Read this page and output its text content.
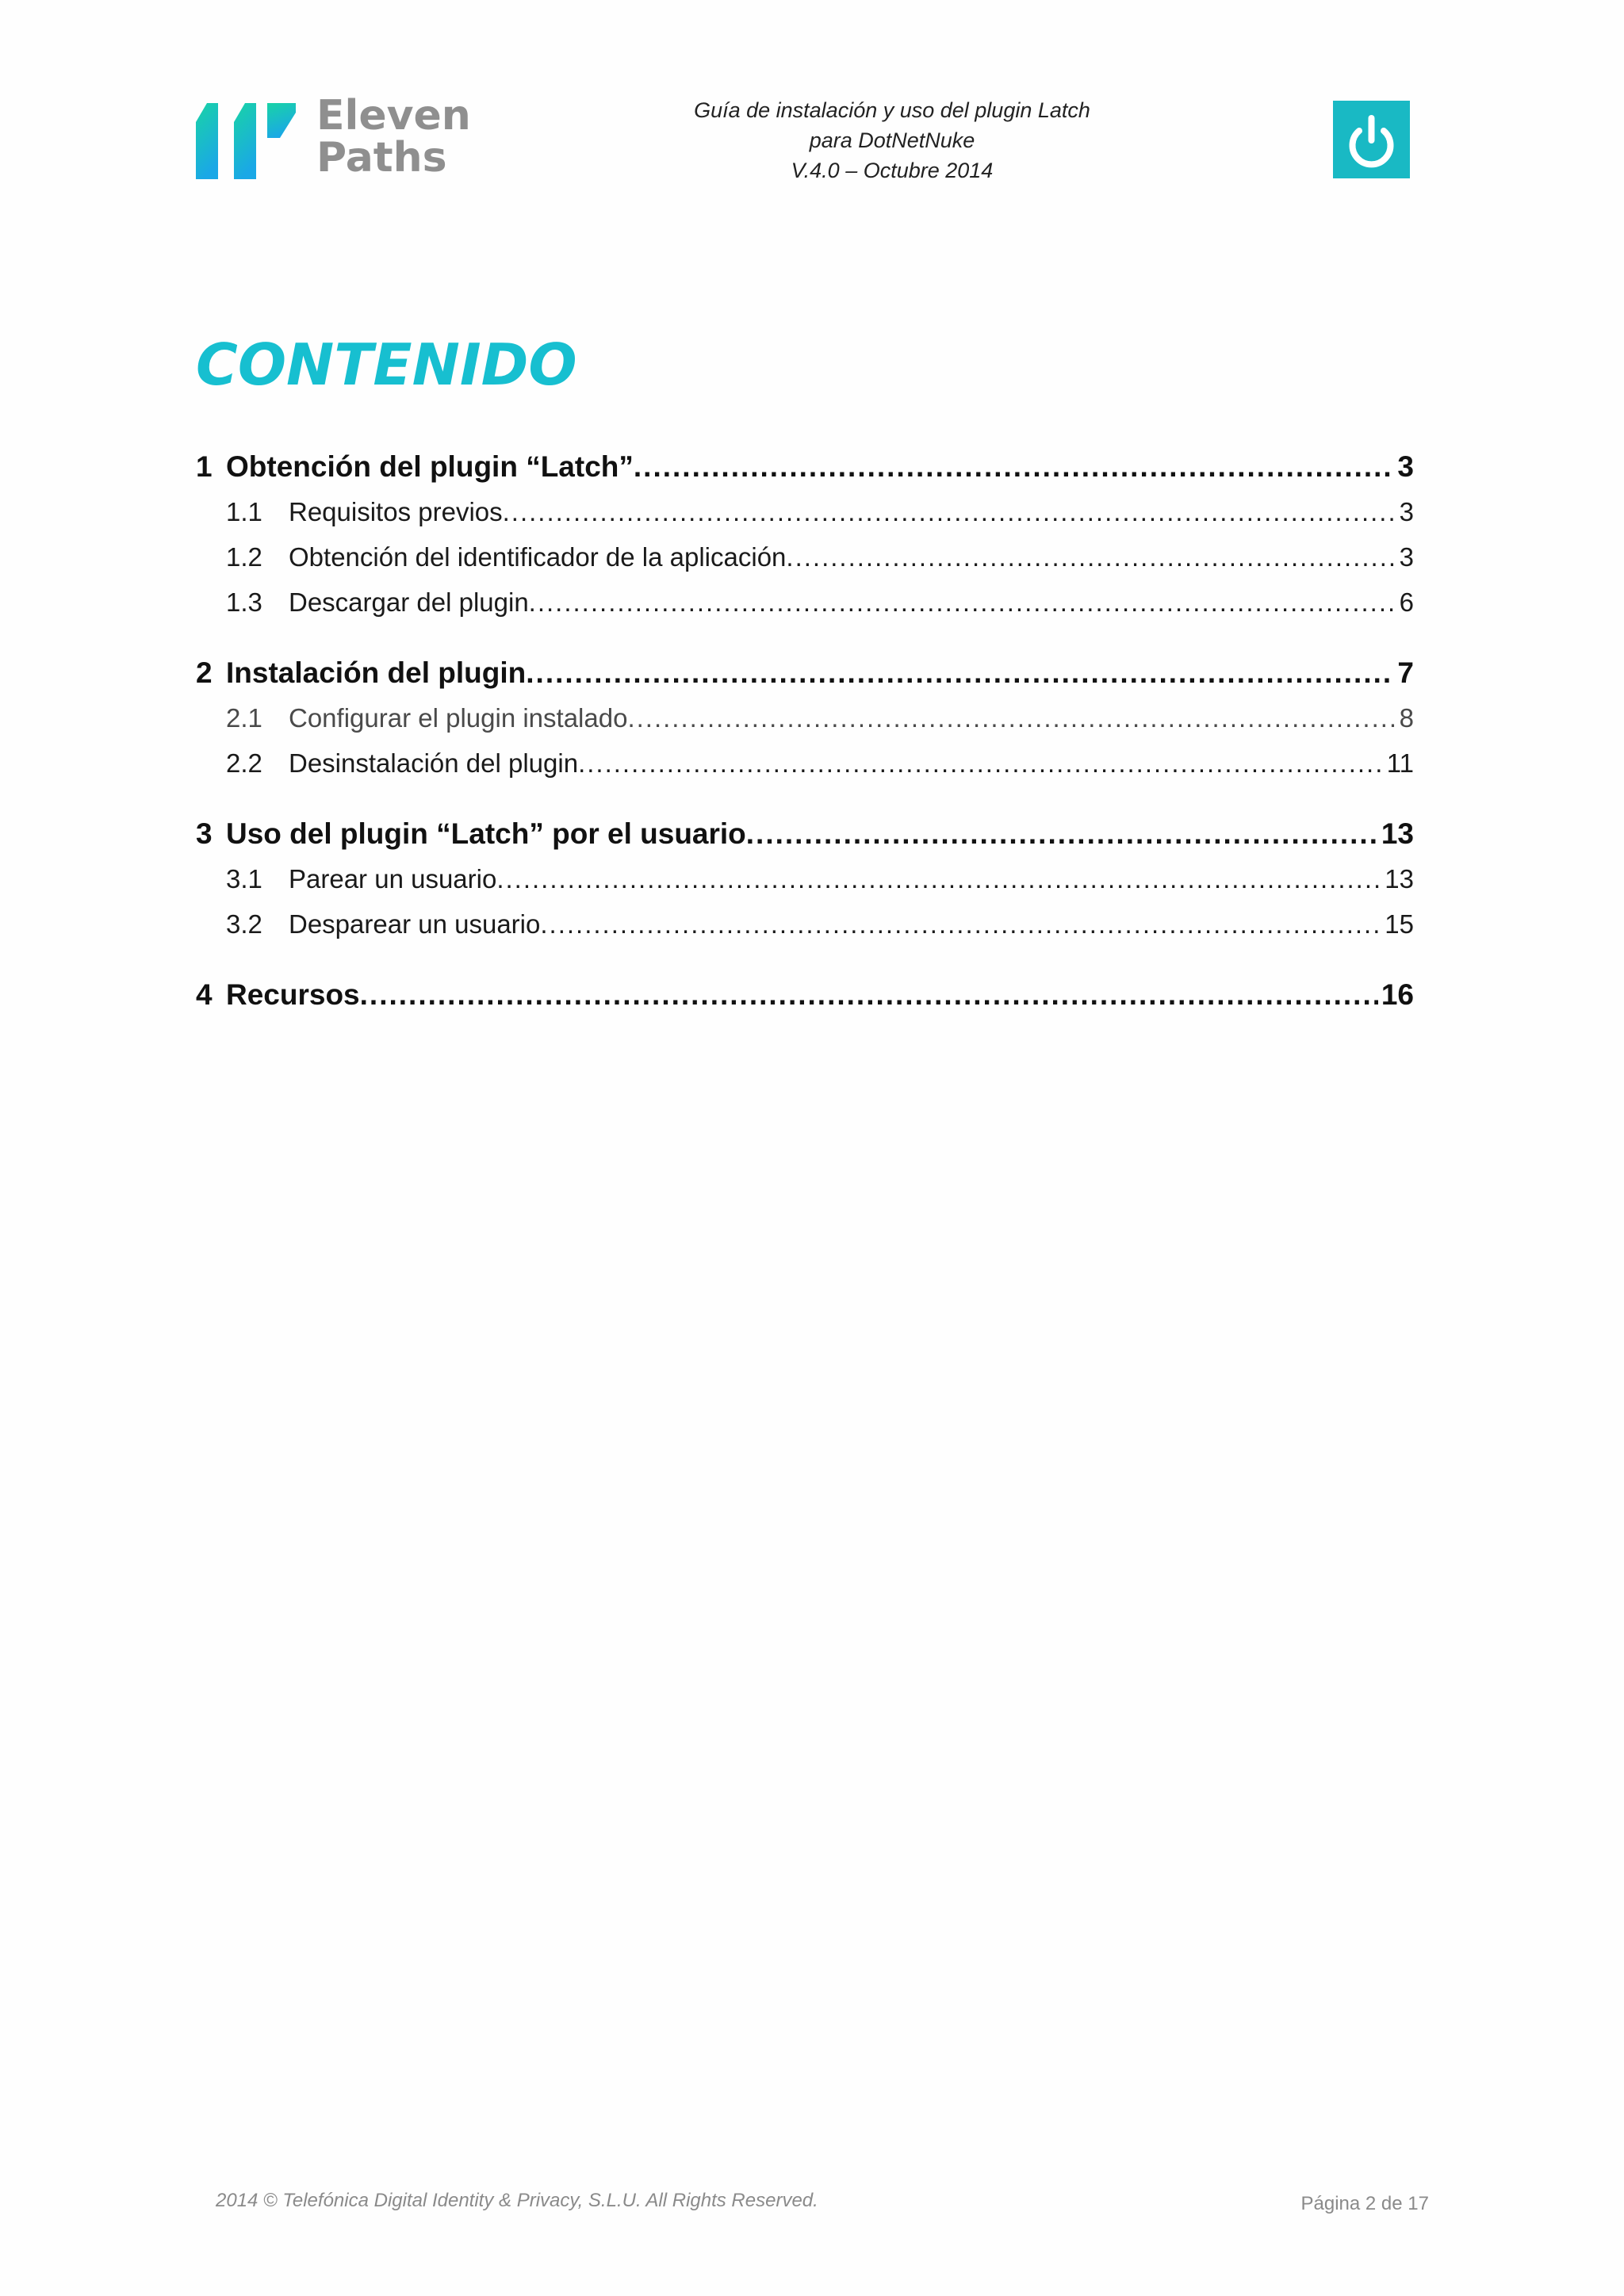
Eleven
Paths
Guía de instalación y uso del plugin Latch
para DotNetNuke
V.4.0 – Octubre 2014
CONTENIDO
1 Obtención del plugin “Latch” .....	3
1.1	Requisitos previos .....	3
1.2	Obtención del identificador de la aplicación .....	3
1.3	Descargar del plugin .....	6
2 Instalación del plugin .....	7
2.1	Configurar el plugin instalado .....	8
2.2	Desinstalación del plugin .....	11
3 Uso del plugin “Latch” por el usuario .....	13
3.1	Parear un usuario .....	13
3.2	Desparear un usuario .....	15
4 Recursos .....	16
2014 © Telefónica Digital Identity & Privacy, S.L.U. All Rights Reserved.	Página 2 de 17
